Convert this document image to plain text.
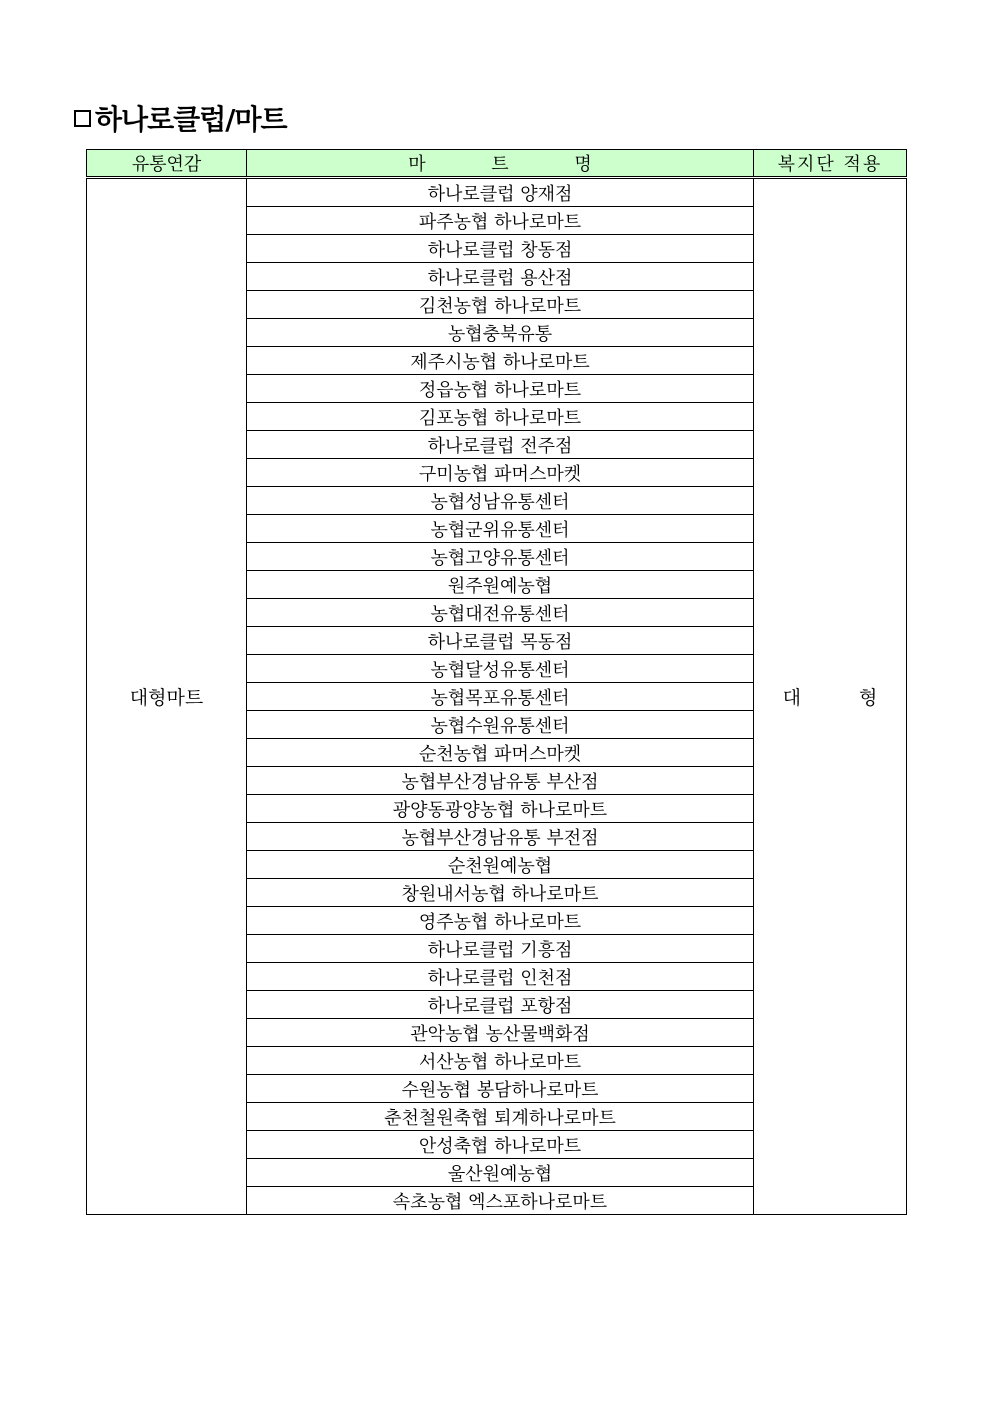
하나로클럽/마트
유통연감	마 트 명	복지단 적용
대형마트	하나로클럽 양재점	대 형
	파주농협 하나로마트	
	하나로클럽 창동점	
	하나로클럽 용산점	
	김천농협 하나로마트	
	농협충북유통	
	제주시농협 하나로마트	
	정읍농협 하나로마트	
	김포농협 하나로마트	
	하나로클럽 전주점	
	구미농협 파머스마켓	
	농협성남유통센터	
	농협군위유통센터	
	농협고양유통센터	
	원주원예농협	
	농협대전유통센터	
	하나로클럽 목동점	
	농협달성유통센터	
	농협목포유통센터	
	농협수원유통센터	
	순천농협 파머스마켓	
	농협부산경남유통 부산점	
	광양동광양농협 하나로마트	
	농협부산경남유통 부전점	
	순천원예농협	
	창원내서농협 하나로마트	
	영주농협 하나로마트	
	하나로클럽 기흥점	
	하나로클럽 인천점	
	하나로클럽 포항점	
	관악농협 농산물백화점	
	서산농협 하나로마트	
	수원농협 봉담하나로마트	
	춘천철원축협 퇴계하나로마트	
	안성축협 하나로마트	
	울산원예농협	
	속초농협 엑스포하나로마트	
